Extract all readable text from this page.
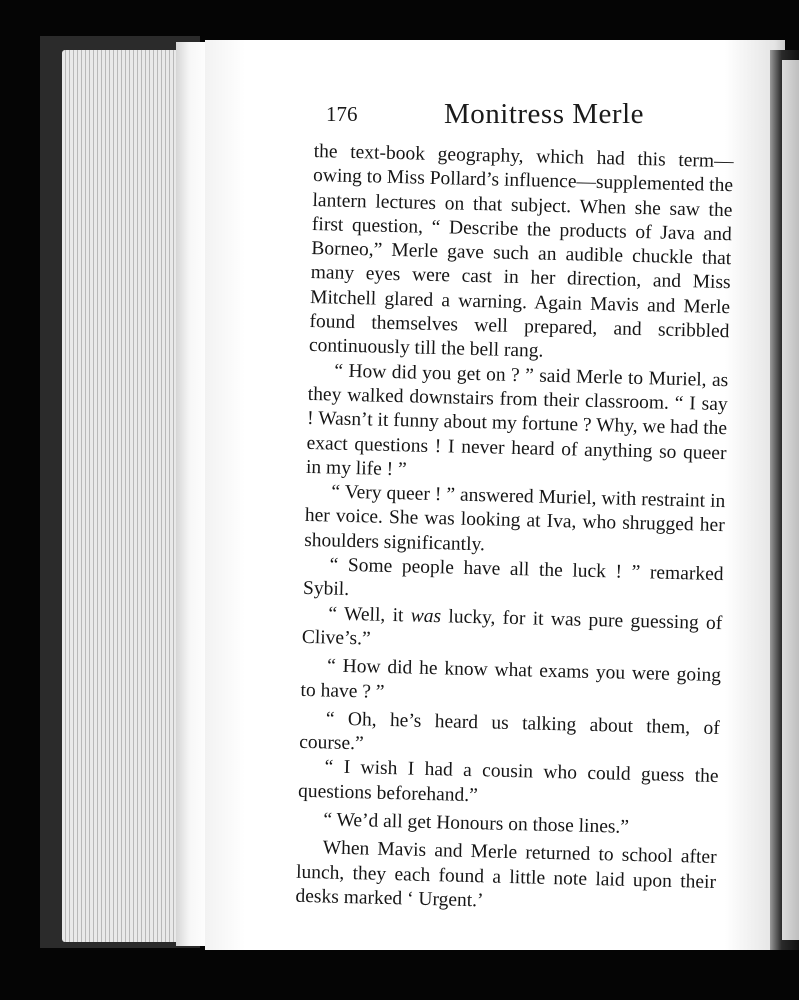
176	Monitress Merle

the text-book geography, which had this term—owing to Miss Pollard’s influence—supplemented the lantern lectures on that subject. When she saw the first question, “ Describe the products of Java and Borneo,” Merle gave such an audible chuckle that many eyes were cast in her direction, and Miss Mitchell glared a warning. Again Mavis and Merle found themselves well prepared, and scribbled continuously till the bell rang.

“ How did you get on ? ” said Merle to Muriel, as they walked downstairs from their classroom. “ I say ! Wasn’t it funny about my fortune ? Why, we had the exact questions ! I never heard of anything so queer in my life ! ”

“ Very queer ! ” answered Muriel, with restraint in her voice. She was looking at Iva, who shrugged her shoulders significantly.

“ Some people have all the luck ! ” remarked Sybil.

“ Well, it was lucky, for it was pure guessing of Clive’s.”

“ How did he know what exams you were going to have ? ”

“ Oh, he’s heard us talking about them, of course.”

“ I wish I had a cousin who could guess the questions beforehand.”

“ We’d all get Honours on those lines.”

When Mavis and Merle returned to school after lunch, they each found a little note laid upon their desks marked ‘ Urgent.’
